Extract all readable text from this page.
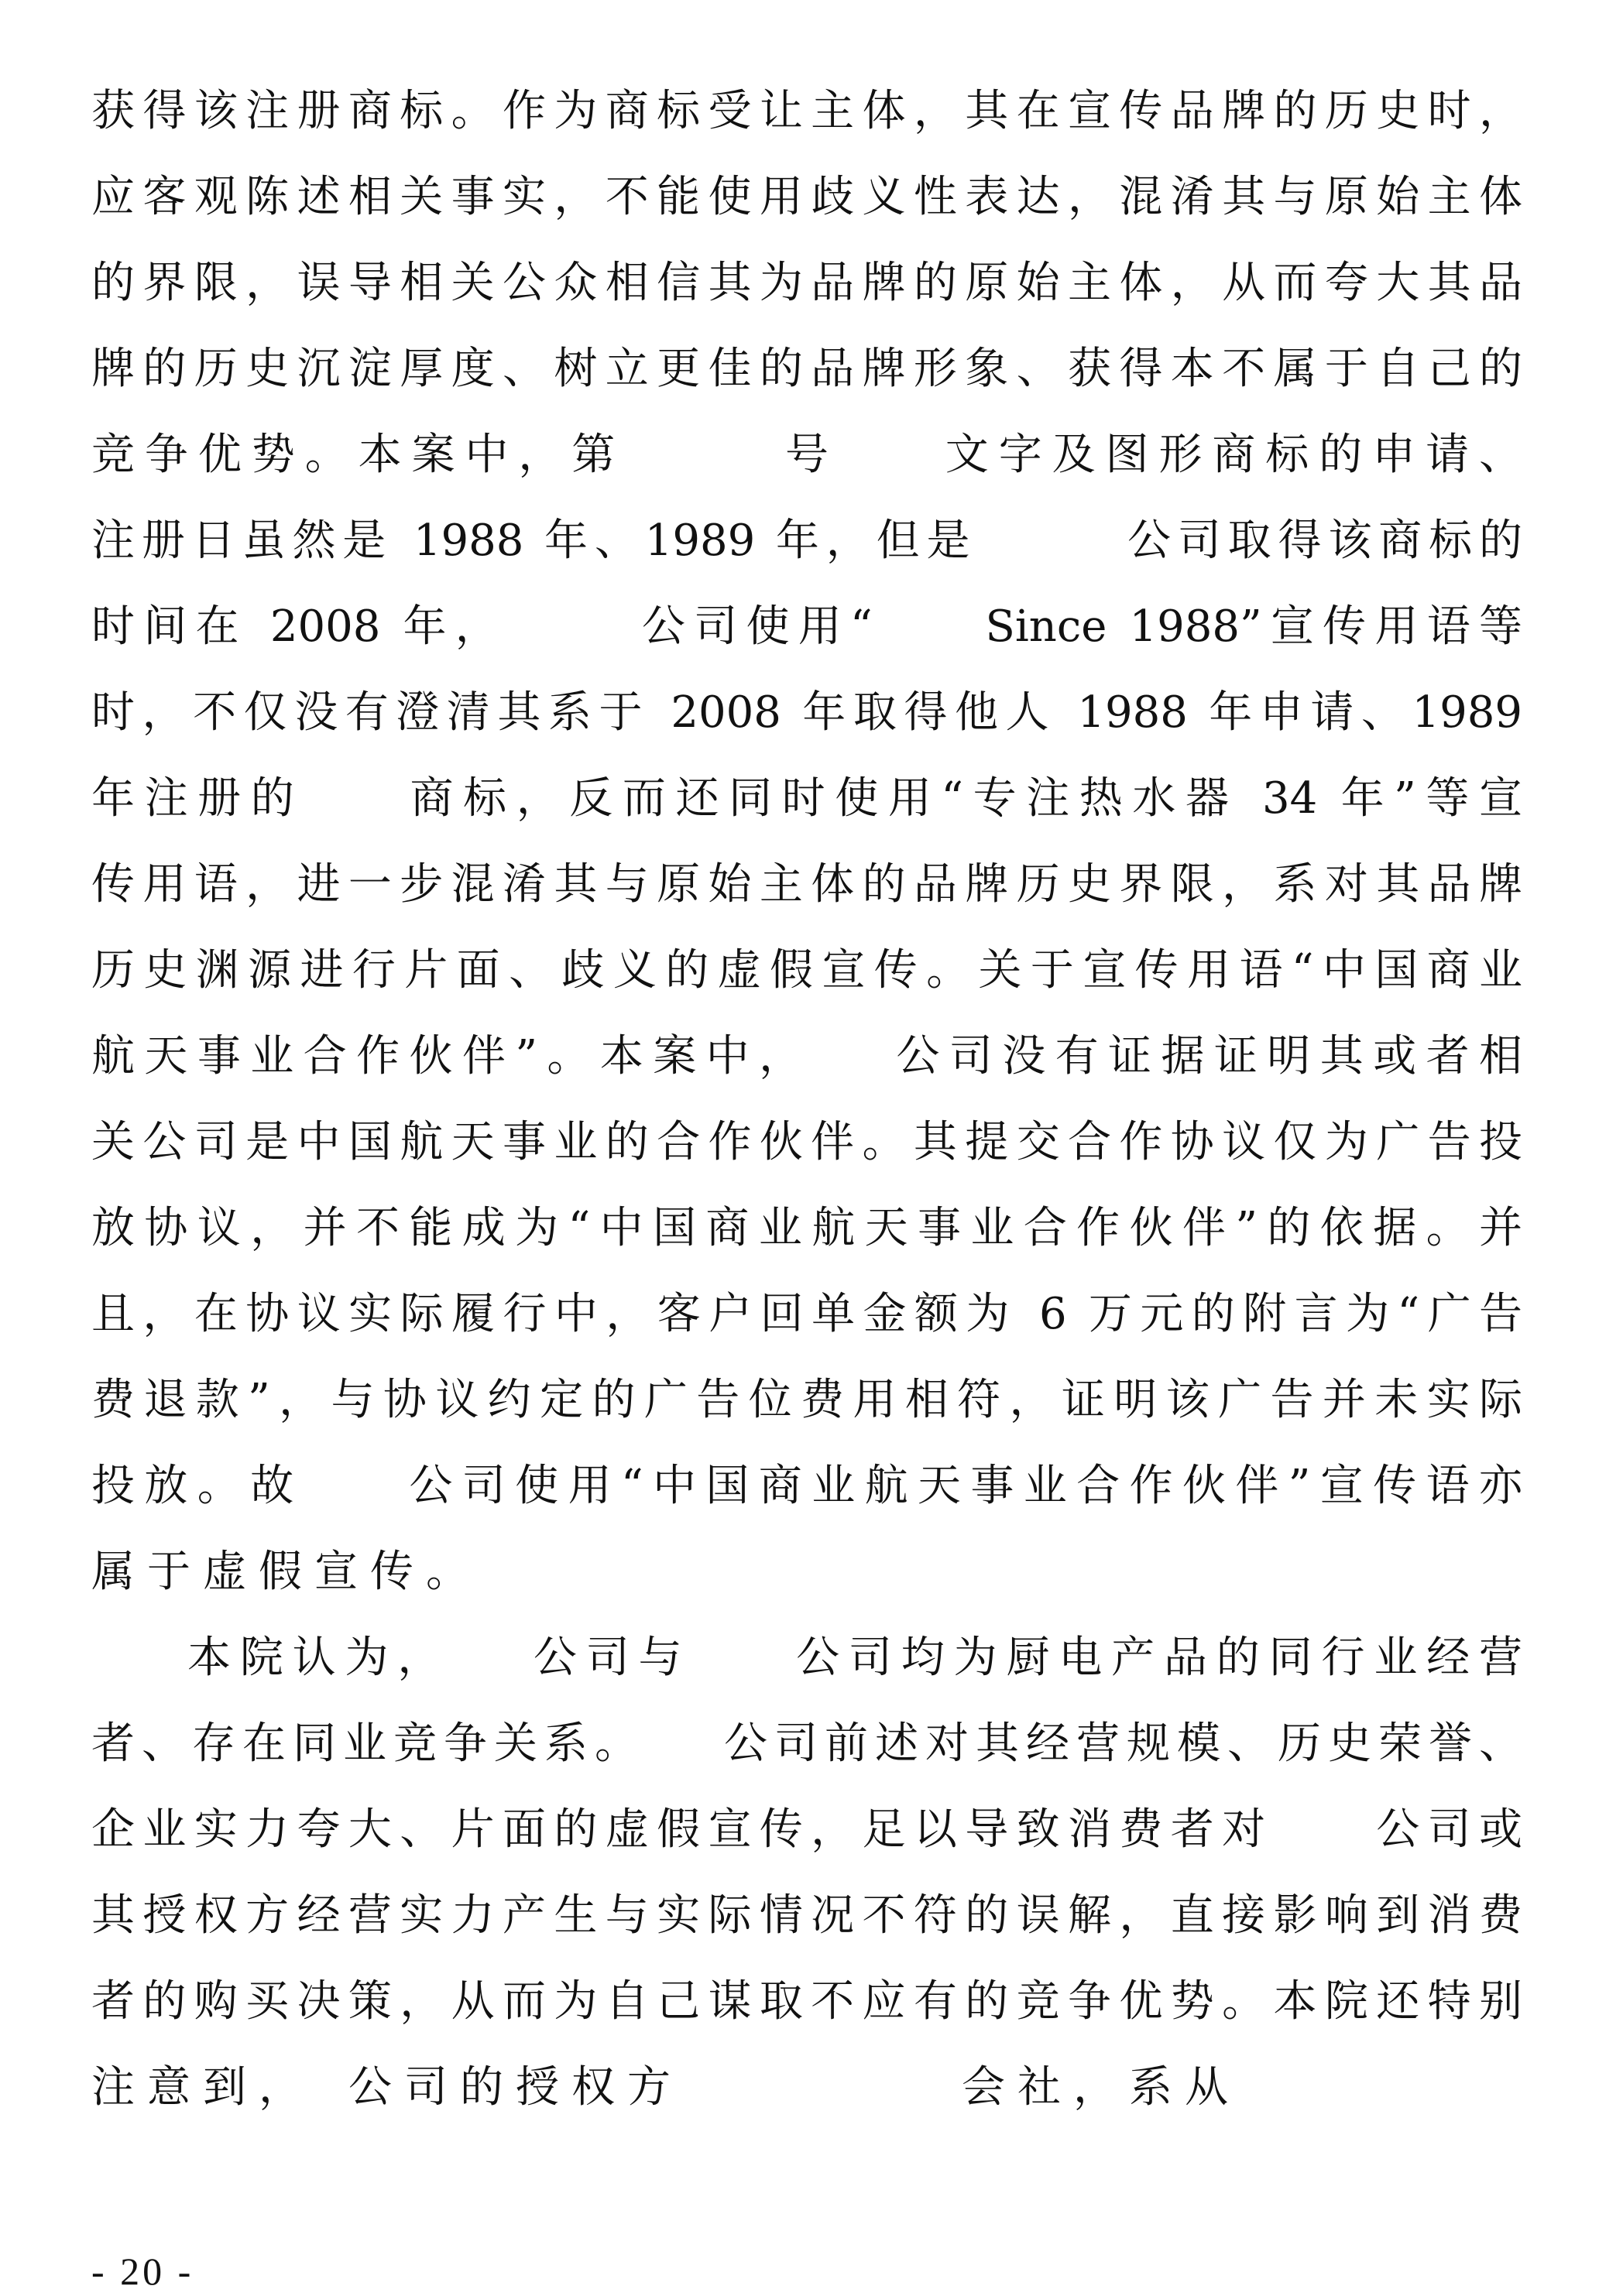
获得该注册商标。作为商标受让主体，其在宣传品牌的历史时，
应客观陈述相关事实，不能使用歧义性表达，混淆其与原始主体
的界限，误导相关公众相信其为品牌的原始主体，从而夸大其品
牌的历史沉淀厚度、树立更佳的品牌形象、获得本不属于自己的
竞争优势。本案中，第　　　号　　文字及图形商标的申请、
注册日虽然是 1988 年、1989 年，但是　　　公司取得该商标的
时间在 2008 年，　　　公司使用“　　Since 1988”宣传用语等
时，不仅没有澄清其系于 2008 年取得他人 1988 年申请、1989
年注册的　　商标，反而还同时使用“专注热水器 34 年”等宣
传用语，进一步混淆其与原始主体的品牌历史界限，系对其品牌
历史渊源进行片面、歧义的虚假宣传。关于宣传用语“中国商业
航天事业合作伙伴”。本案中，　　公司没有证据证明其或者相
关公司是中国航天事业的合作伙伴。其提交合作协议仅为广告投
放协议，并不能成为“中国商业航天事业合作伙伴”的依据。并
且，在协议实际履行中，客户回单金额为 6 万元的附言为“广告
费退款”，与协议约定的广告位费用相符，证明该广告并未实际
投放。故　　公司使用“中国商业航天事业合作伙伴”宣传语亦
属于虚假宣传。
本院认为，　　公司与　　公司均为厨电产品的同行业经营
者、存在同业竞争关系。　　公司前述对其经营规模、历史荣誉、
企业实力夸大、片面的虚假宣传，足以导致消费者对　　公司或
其授权方经营实力产生与实际情况不符的误解，直接影响到消费
者的购买决策，从而为自己谋取不应有的竞争优势。本院还特别
注意到，　公司的授权方　　　　　会社，系从
- 20 -
